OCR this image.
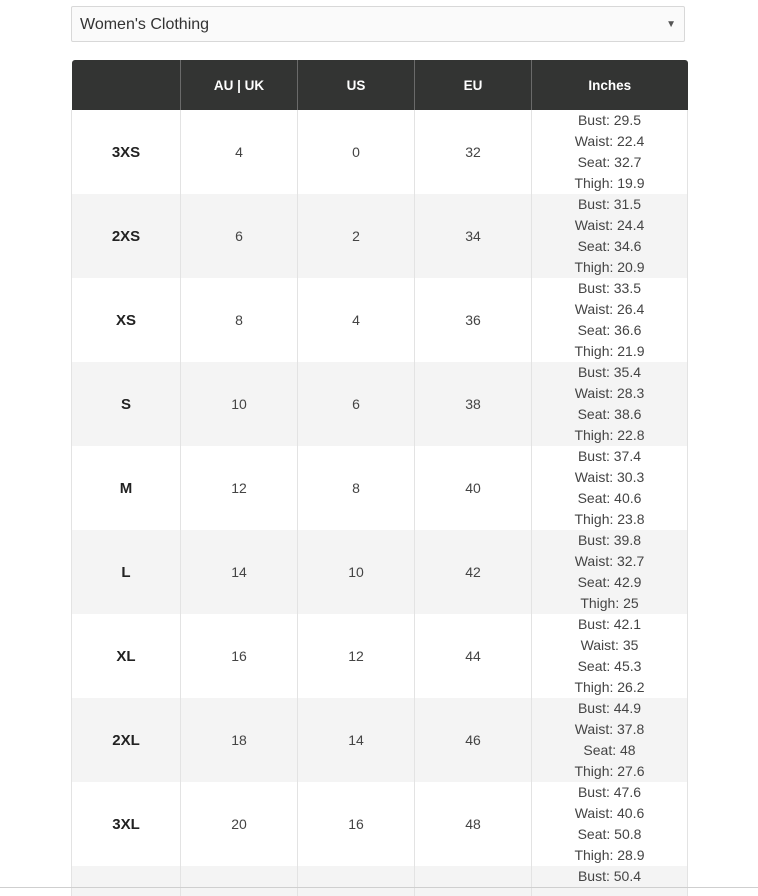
Women's Clothing	▼
	AU | UK	US	EU	Inches
3XS	4	0	32	Bust: 29.5
Waist: 22.4
Seat: 32.7
Thigh: 19.9

2XS	6	2	34	Bust: 31.5
Waist: 24.4
Seat: 34.6
Thigh: 20.9

XS	8	4	36	Bust: 33.5
Waist: 26.4
Seat: 36.6
Thigh: 21.9

S	10	6	38	Bust: 35.4
Waist: 28.3
Seat: 38.6
Thigh: 22.8

M	12	8	40	Bust: 37.4
Waist: 30.3
Seat: 40.6
Thigh: 23.8

L	14	10	42	Bust: 39.8
Waist: 32.7
Seat: 42.9
Thigh: 25

XL	16	12	44	Bust: 42.1
Waist: 35
Seat: 45.3
Thigh: 26.2

2XL	18	14	46	Bust: 44.9
Waist: 37.8
Seat: 48
Thigh: 27.6

3XL	20	16	48	Bust: 47.6
Waist: 40.6
Seat: 50.8
Thigh: 28.9

				Bust: 50.4
